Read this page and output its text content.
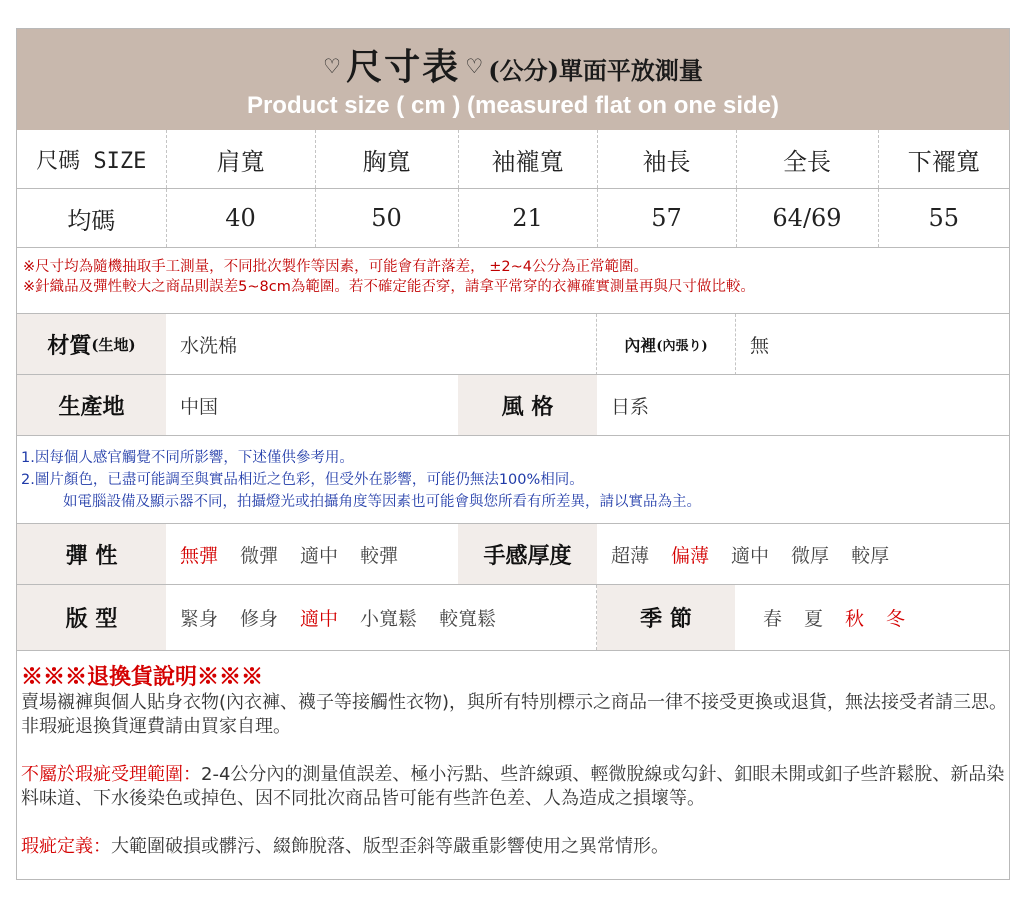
♡ 尺寸表 ♡ (公分)單面平放測量
Product size ( cm ) (measured flat on one side)
尺碼 SIZE	肩寬	胸寬	袖襱寬	袖長	全長	下襬寬
均碼	40	50	21	57	64/69	55
※尺寸均為隨機抽取手工測量，不同批次製作等因素，可能會有許落差， ±2~4公分為正常範圍。
※針織品及彈性較大之商品則誤差5~8cm為範圍。若不確定能否穿，請拿平常穿的衣褲確實測量再與尺寸做比較。
材質 (生地)	水洗棉	內裡 (內張り)	無
生產地	中国	風 格	日系
1.因每個人感官觸覺不同所影響，下述僅供參考用。
2.圖片顏色，已盡可能調至與實品相近之色彩，但受外在影響，可能仍無法100%相同。
如電腦設備及顯示器不同，拍攝燈光或拍攝角度等因素也可能會與您所看有所差異，請以實品為主。
彈 性	無彈 微彈 適中 較彈	手感厚度	超薄 偏薄 適中 微厚 較厚
版 型	緊身 修身 適中 小寬鬆 較寬鬆	季 節	春 夏 秋 冬

※※※退換貨說明※※※

賣場襯褲與個人貼身衣物(內衣褲、襪子等接觸性衣物)，與所有特別標示之商品一律不接受更換或退貨，無法接受者請三思。非瑕疵退換貨運費請由買家自理。

不屬於瑕疵受理範圍：2-4公分內的測量值誤差、極小污點、些許線頭、輕微脫線或勾針、釦眼未開或釦子些許鬆脫、新品染料味道、下水後染色或掉色、因不同批次商品皆可能有些許色差、人為造成之損壞等。

瑕疵定義：大範圍破損或髒污、綴飾脫落、版型歪斜等嚴重影響使用之異常情形。
